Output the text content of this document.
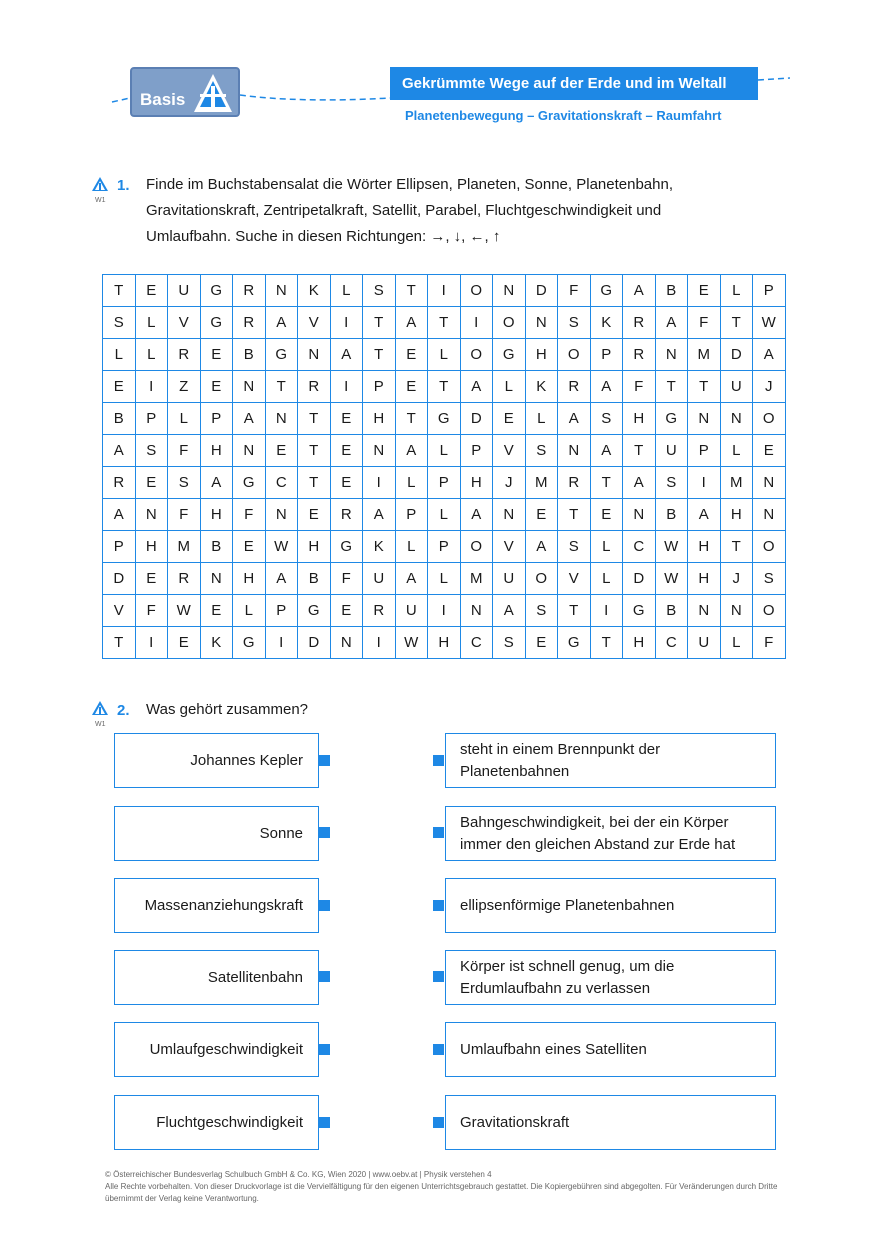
Basis
Gekrümmte Wege auf der Erde und im Weltall
Planetenbewegung – Gravitationskraft – Raumfahrt
W1
1. Finde im Buchstabensalat die Wörter Ellipsen, Planeten, Sonne, Planetenbahn,
Gravitationskraft, Zentripetalkraft, Satellit, Parabel, Fluchtgeschwindigkeit und
Umlaufbahn. Suche in diesen Richtungen: →, ↓, ←, ↑
T	E	U	G	R	N	K	L	S	T	I	O	N	D	F	G	A	B	E	L	P
S	L	V	G	R	A	V	I	T	A	T	I	O	N	S	K	R	A	F	T	W
L	L	R	E	B	G	N	A	T	E	L	O	G	H	O	P	R	N	M	D	A
E	I	Z	E	N	T	R	I	P	E	T	A	L	K	R	A	F	T	T	U	J
B	P	L	P	A	N	T	E	H	T	G	D	E	L	A	S	H	G	N	N	O
A	S	F	H	N	E	T	E	N	A	L	P	V	S	N	A	T	U	P	L	E
R	E	S	A	G	C	T	E	I	L	P	H	J	M	R	T	A	S	I	M	N
A	N	F	H	F	N	E	R	A	P	L	A	N	E	T	E	N	B	A	H	N
P	H	M	B	E	W	H	G	K	L	P	O	V	A	S	L	C	W	H	T	O
D	E	R	N	H	A	B	F	U	A	L	M	U	O	V	L	D	W	H	J	S
V	F	W	E	L	P	G	E	R	U	I	N	A	S	T	I	G	B	N	N	O
T	I	E	K	G	I	D	N	I	W	H	C	S	E	G	T	H	C	U	L	F
W1
2. Was gehört zusammen?
Johannes Kepler
Sonne
Massenanziehungskraft
Satellitenbahn
Umlaufgeschwindigkeit
Fluchtgeschwindigkeit
steht in einem Brennpunkt der Planetenbahnen
Bahngeschwindigkeit, bei der ein Körper immer den gleichen Abstand zur Erde hat
ellipsenförmige Planetenbahnen
Körper ist schnell genug, um die Erdumlaufbahn zu verlassen
Umlaufbahn eines Satelliten
Gravitationskraft
© Österreichischer Bundesverlag Schulbuch GmbH & Co. KG, Wien 2020 | www.oebv.at | Physik verstehen 4
Alle Rechte vorbehalten. Von dieser Druckvorlage ist die Vervielfältigung für den eigenen Unterrichtsgebrauch gestattet. Die Kopiergebühren sind abgegolten. Für Veränderungen durch Dritte übernimmt der Verlag keine Verantwortung.
